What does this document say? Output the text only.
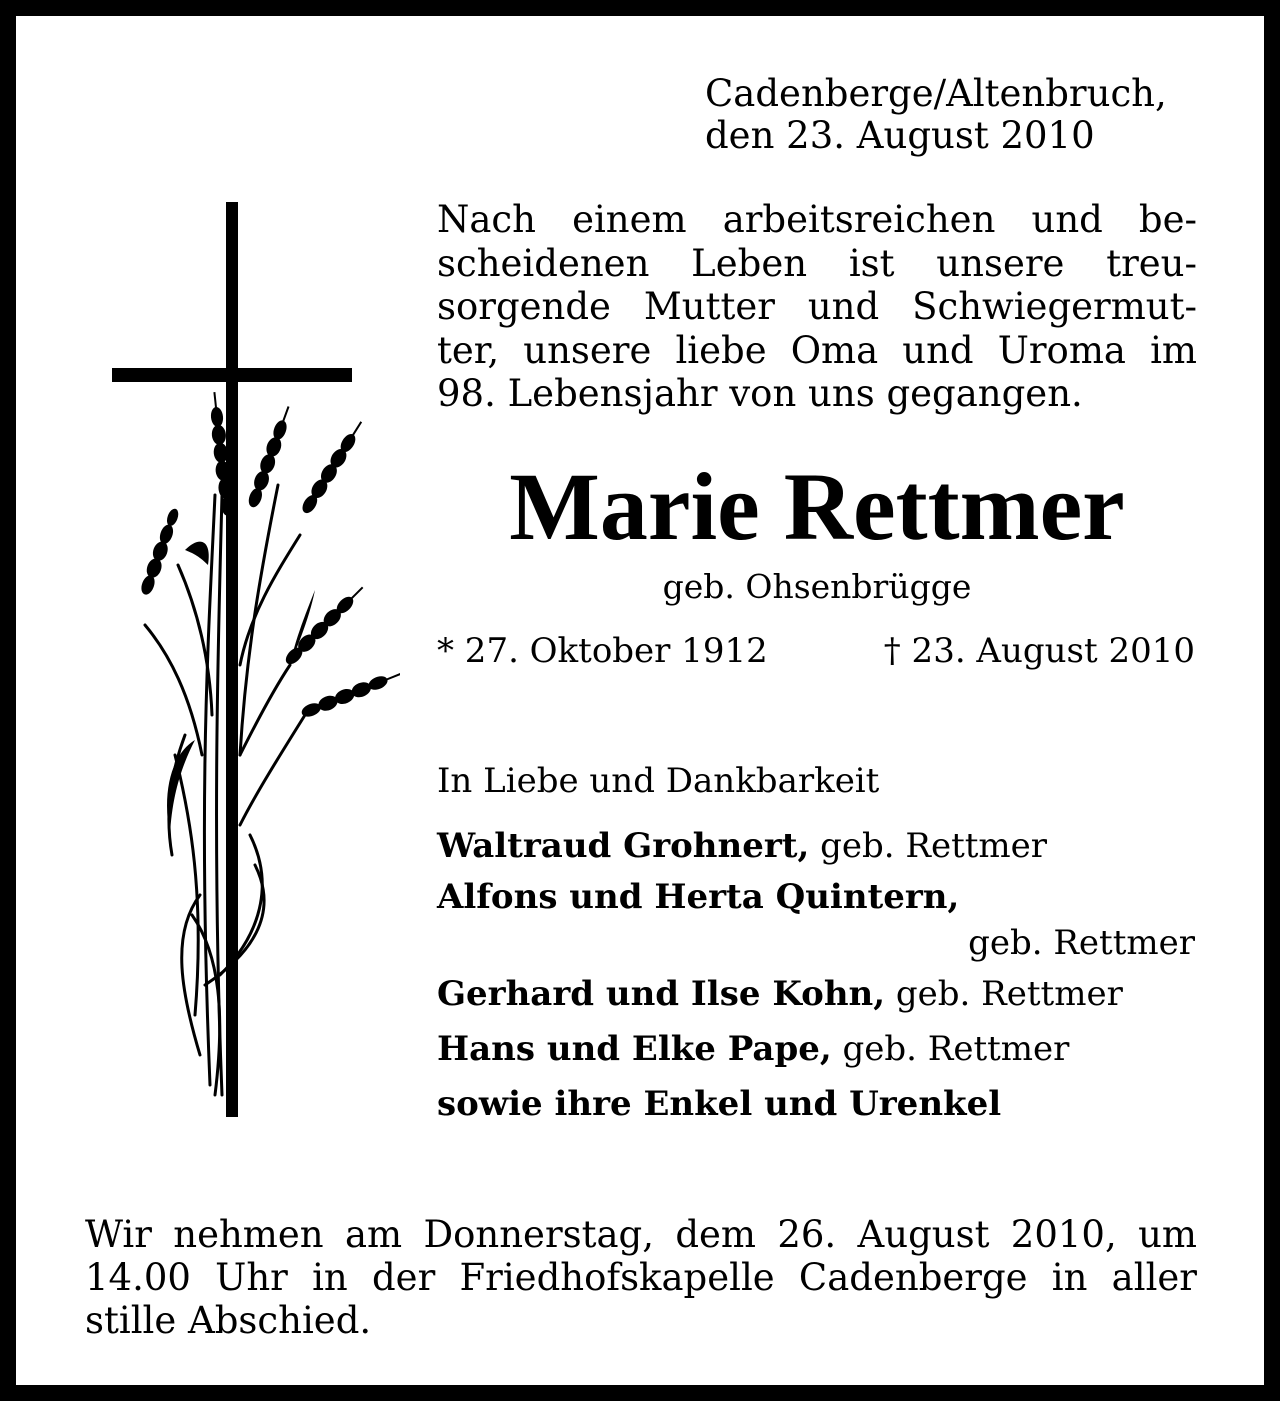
Cadenberge/Altenbruch,

den 23. August 2010

Nach einem arbeitsreichen und be-
scheidenen Leben ist unsere treu-
sorgende Mutter und Schwiegermut-
ter, unsere liebe Oma und Uroma im
98. Lebensjahr von uns gegangen.

Marie Rettmer

geb. Ohsenbrügge

* 27. Oktober 1912	† 23. August 2010

In Liebe und Dankbarkeit

Waltraud Grohnert, geb. Rettmer

Alfons und Herta Quintern,

geb. Rettmer

Gerhard und Ilse Kohn, geb. Rettmer

Hans und Elke Pape, geb. Rettmer

sowie ihre Enkel und Urenkel

Wir nehmen am Donnerstag, dem 26. August 2010, um
14.00 Uhr in der Friedhofskapelle Cadenberge in aller
stille Abschied.
